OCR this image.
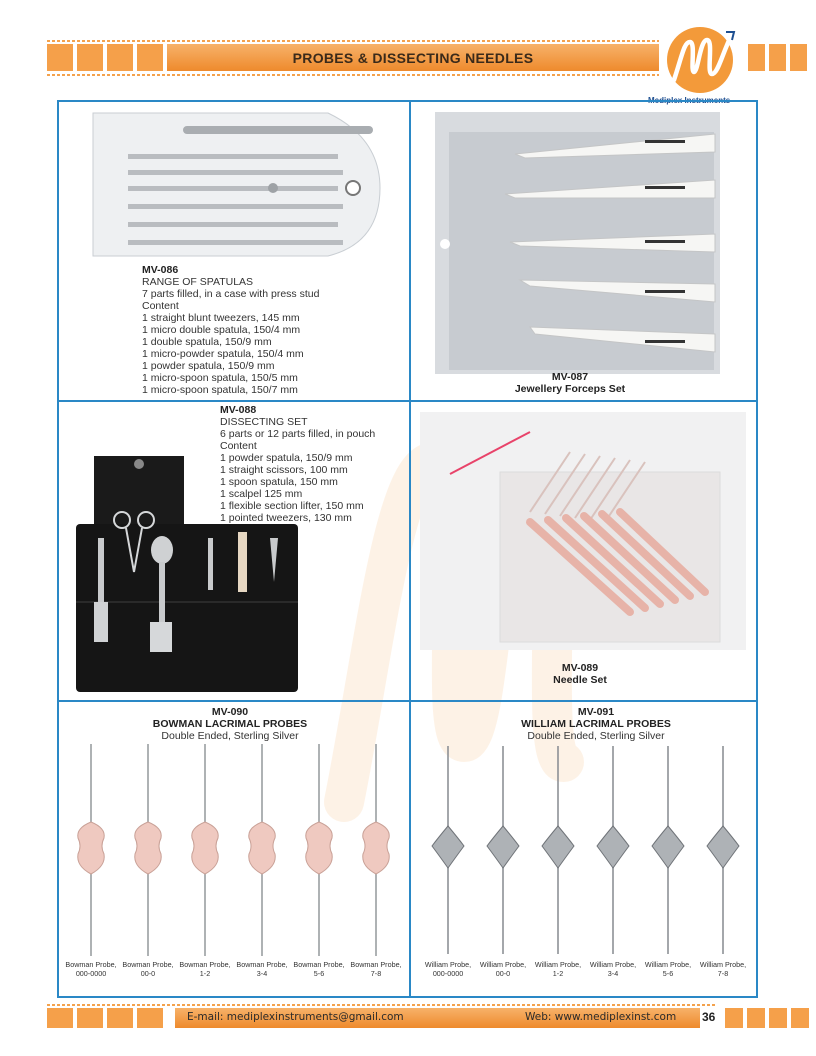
PROBES & DISSECTING NEEDLES
Mediplex Instruments
MV-086
RANGE OF SPATULAS
7 parts filled, in a case with press stud
Content
1 straight blunt tweezers, 145 mm
1 micro double spatula, 150/4 mm
1 double spatula, 150/9 mm
1 micro-powder spatula, 150/4 mm
1 powder spatula, 150/9 mm
1 micro-spoon spatula, 150/5 mm
1 micro-spoon spatula, 150/7 mm
MV-087
Jewellery Forceps Set
MV-088
DISSECTING SET
6 parts or 12 parts filled, in pouch
Content
1 powder spatula, 150/9 mm
1 straight scissors, 100 mm
1 spoon spatula, 150 mm
1 scalpel 125 mm
1 flexible section lifter, 150 mm
1 pointed tweezers, 130 mm
MV-089
Needle Set
MV-090
BOWMAN LACRIMAL PROBES
Double Ended, Sterling Silver
Bowman Probe,
000-0000
Bowman Probe,
00-0
Bowman Probe,
1-2
Bowman Probe,
3-4
Bowman Probe,
5-6
Bowman Probe,
7-8
MV-091
WILLIAM LACRIMAL PROBES
Double Ended, Sterling Silver
William Probe,
000-0000
William Probe,
00-0
William Probe,
1-2
William Probe,
3-4
William Probe,
5-6
William Probe,
7-8
E-mail: mediplexinstruments@gmail.com	Web: www.mediplexinst.com 36
